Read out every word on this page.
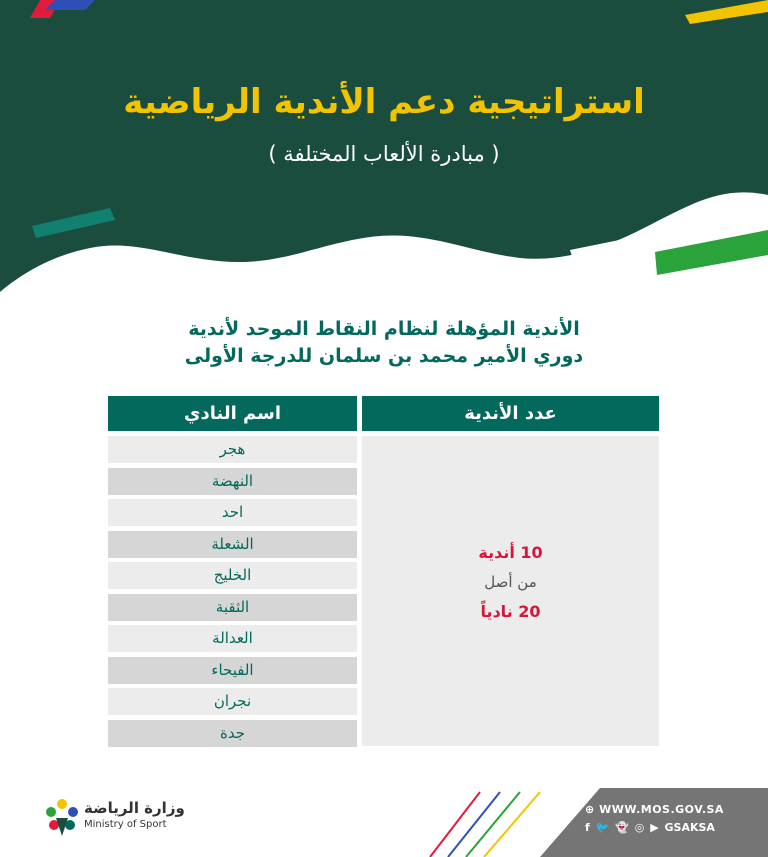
استراتيجية دعم الأندية الرياضية
( مبادرة الألعاب المختلفة )
الأندية المؤهلة لنظام النقاط الموحد لأندية
دوري الأمير محمد بن سلمان للدرجة الأولى
اسم النادي	عدد الأندية
هجر
النهضة
احد
الشعلة
الخليج
الثقبة
العدالة
الفيحاء
نجران
جدة
10 أندية
من أصل
20 نادياً
وزارة الرياضة
Ministry of Sport
⊕ WWW.MOS.GOV.SA
f 🐦 👻 ◎ ▶ GSAKSA
